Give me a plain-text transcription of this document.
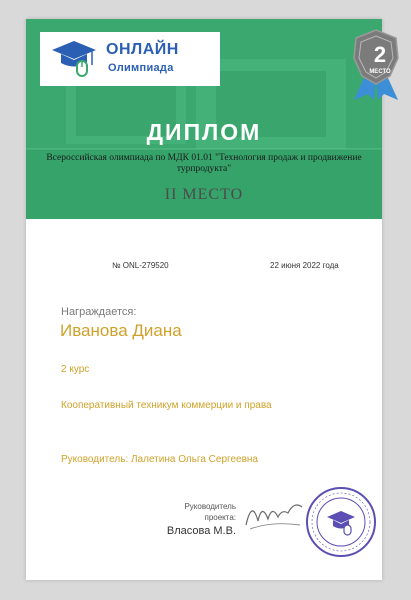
ОНЛАЙН
Олимпиада
ДИПЛОМ
Всероссийская олимпиада по МДК 01.01 "Технология продаж и продвижение турпродукта"
II МЕСТО
№ ONL-279520	22 июня 2022 года
Награждается:
Иванова Диана
2 курс
Кооперативный техникум коммерции и права
Руководитель: Лалетина Ольга Сергеевна
Руководитель проекта:
Власова М.В.
2
МЕСТО
